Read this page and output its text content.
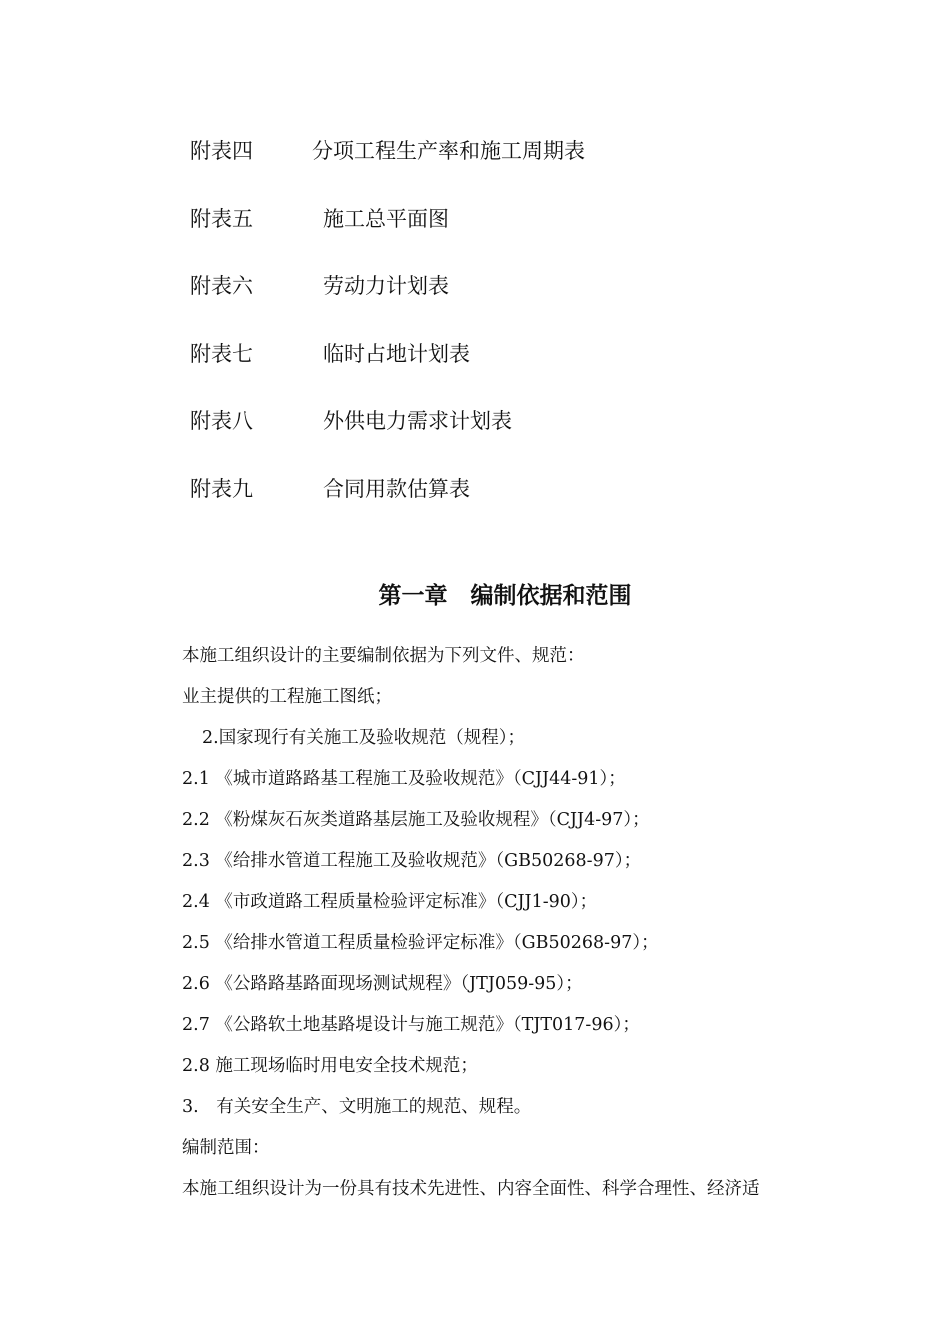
附表四	分项工程生产率和施工周期表
附表五	施工总平面图
附表六	劳动力计划表
附表七	临时占地计划表
附表八	外供电力需求计划表
附表九	合同用款估算表
第一章　编制依据和范围
本施工组织设计的主要编制依据为下列文件、规范：
业主提供的工程施工图纸；
2.国家现行有关施工及验收规范（规程）；
2.1 《城市道路路基工程施工及验收规范》（CJJ44-91）；
2.2 《粉煤灰石灰类道路基层施工及验收规程》（CJJ4-97）；
2.3 《给排水管道工程施工及验收规范》（GB50268-97）；
2.4 《市政道路工程质量检验评定标准》（CJJ1-90）；
2.5 《给排水管道工程质量检验评定标准》（GB50268-97）；
2.6 《公路路基路面现场测试规程》（JTJ059-95）；
2.7 《公路软土地基路堤设计与施工规范》（TJT017-96）；
2.8 施工现场临时用电安全技术规范；
3.　有关安全生产、文明施工的规范、规程。
编制范围：
本施工组织设计为一份具有技术先进性、内容全面性、科学合理性、经济适
